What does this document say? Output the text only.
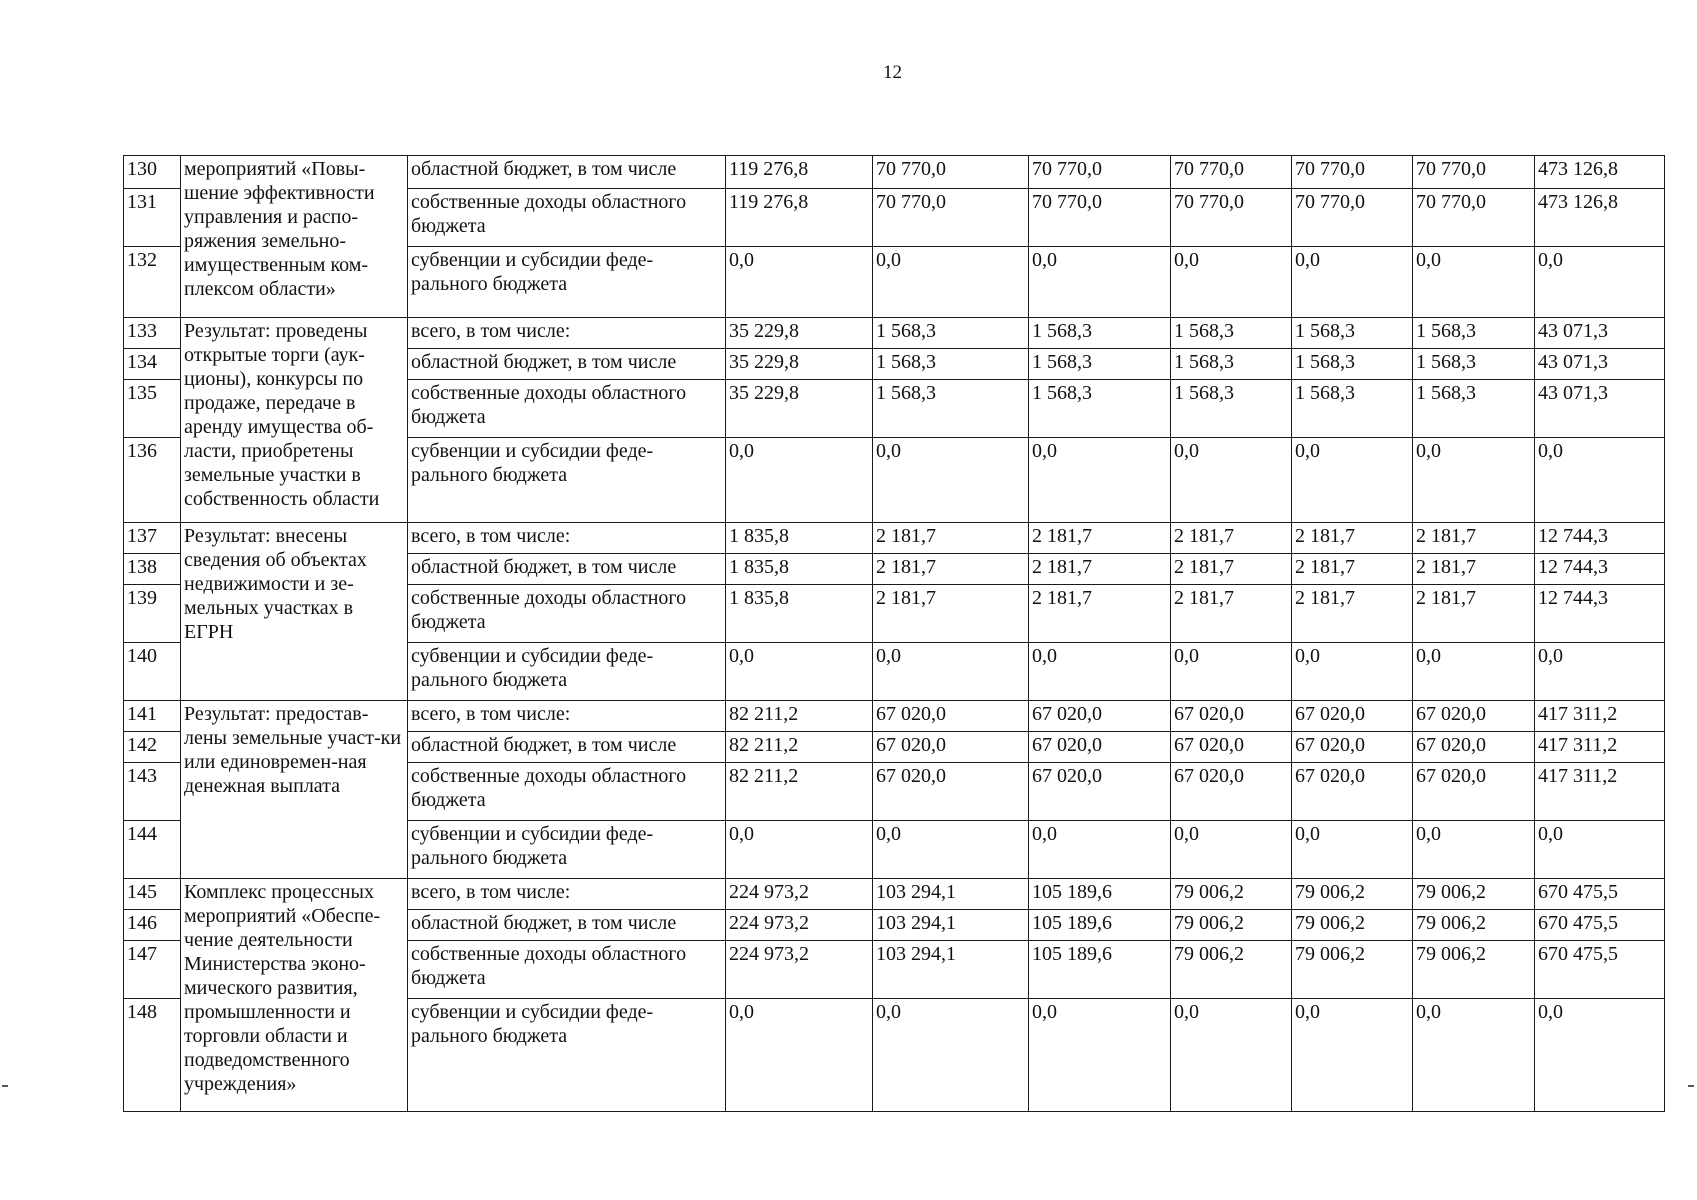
12
130	мероприятий «Повы-шение эффективности управления и распо-ряжения земельно-имущественным ком-плексом области»	областной бюджет, в том числе	119 276,8	70 770,0	70 770,0	70 770,0	70 770,0	70 770,0	473 126,8
131		собственные доходы областного бюджета	119 276,8	70 770,0	70 770,0	70 770,0	70 770,0	70 770,0	473 126,8
132		субвенции и субсидии феде-рального бюджета	0,0	0,0	0,0	0,0	0,0	0,0	0,0
133	Результат: проведены открытые торги (аук-ционы), конкурсы по продаже, передаче в аренду имущества об-ласти, приобретены земельные участки в собственность области	всего, в том числе:	35 229,8	1 568,3	1 568,3	1 568,3	1 568,3	1 568,3	43 071,3
134		областной бюджет, в том числе	35 229,8	1 568,3	1 568,3	1 568,3	1 568,3	1 568,3	43 071,3
135		собственные доходы областного бюджета	35 229,8	1 568,3	1 568,3	1 568,3	1 568,3	1 568,3	43 071,3
136		субвенции и субсидии феде-рального бюджета	0,0	0,0	0,0	0,0	0,0	0,0	0,0
137	Результат: внесены сведения об объектах недвижимости и зе-мельных участках в ЕГРН	всего, в том числе:	1 835,8	2 181,7	2 181,7	2 181,7	2 181,7	2 181,7	12 744,3
138		областной бюджет, в том числе	1 835,8	2 181,7	2 181,7	2 181,7	2 181,7	2 181,7	12 744,3
139		собственные доходы областного бюджета	1 835,8	2 181,7	2 181,7	2 181,7	2 181,7	2 181,7	12 744,3
140		субвенции и субсидии феде-рального бюджета	0,0	0,0	0,0	0,0	0,0	0,0	0,0
141	Результат: предостав-лены земельные участ-ки или единовремен-ная денежная выплата	всего, в том числе:	82 211,2	67 020,0	67 020,0	67 020,0	67 020,0	67 020,0	417 311,2
142		областной бюджет, в том числе	82 211,2	67 020,0	67 020,0	67 020,0	67 020,0	67 020,0	417 311,2
143		собственные доходы областного бюджета	82 211,2	67 020,0	67 020,0	67 020,0	67 020,0	67 020,0	417 311,2
144		субвенции и субсидии феде-рального бюджета	0,0	0,0	0,0	0,0	0,0	0,0	0,0
145	Комплекс процессных мероприятий «Обеспе-чение деятельности Министерства эконо-мического развития, промышленности и торговли области и подведомственного учреждения»	всего, в том числе:	224 973,2	103 294,1	105 189,6	79 006,2	79 006,2	79 006,2	670 475,5
146		областной бюджет, в том числе	224 973,2	103 294,1	105 189,6	79 006,2	79 006,2	79 006,2	670 475,5
147		собственные доходы областного бюджета	224 973,2	103 294,1	105 189,6	79 006,2	79 006,2	79 006,2	670 475,5
148		субвенции и субсидии феде-рального бюджета	0,0	0,0	0,0	0,0	0,0	0,0	0,0
